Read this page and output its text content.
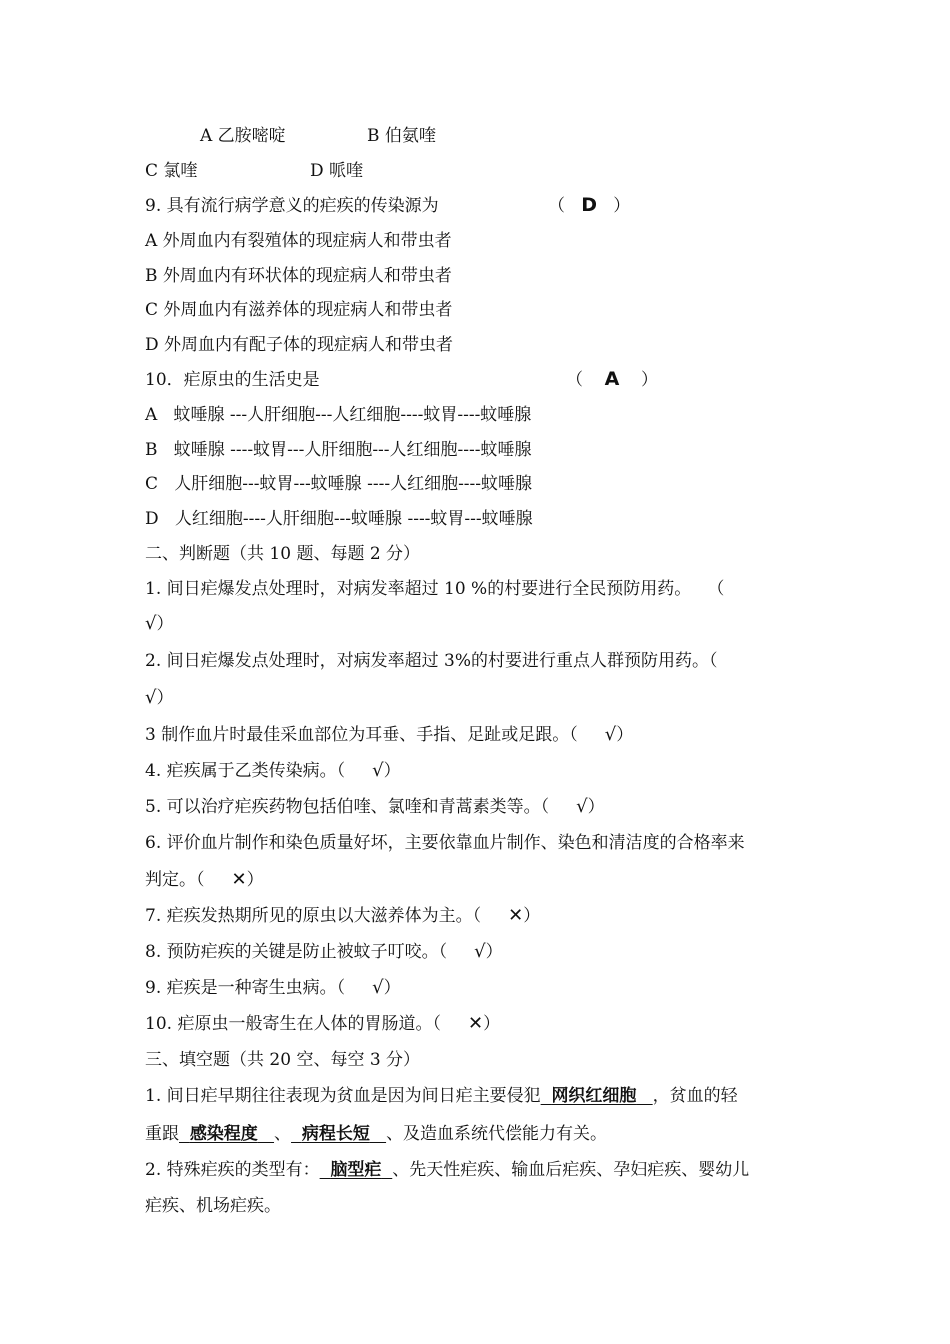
A 乙胺嘧啶	B 伯氨喹
C 氯喹	D 哌喹
9. 具有流行病学意义的疟疾的传染源为	（   D   ）
A 外周血内有裂殖体的现症病人和带虫者
B 外周血内有环状体的现症病人和带虫者
C 外周血内有滋养体的现症病人和带虫者
D 外周血内有配子体的现症病人和带虫者
10．疟原虫的生活史是	（    A    ）
A   蚊唾腺 ---人肝细胞---人红细胞----蚊胃----蚊唾腺
B   蚊唾腺 ----蚊胃---人肝细胞---人红细胞----蚊唾腺
C   人肝细胞---蚊胃---蚊唾腺 ----人红细胞----蚊唾腺
D   人红细胞----人肝细胞---蚊唾腺 ----蚊胃---蚊唾腺
二、判断题（共 10 题、每题 2 分）
1. 间日疟爆发点处理时，对病发率超过 10 %的村要进行全民预防用药。   （
√）
2. 间日疟爆发点处理时，对病发率超过 3%的村要进行重点人群预防用药。（
√）
3 制作血片时最佳采血部位为耳垂、手指、足趾或足跟。（     √）
4. 疟疾属于乙类传染病。（     √）
5. 可以治疗疟疾药物包括伯喹、氯喹和青蒿素类等。（     √）
6. 评价血片制作和染色质量好坏，主要依靠血片制作、染色和清洁度的合格率来
判定。（     ✕）
7. 疟疾发热期所见的原虫以大滋养体为主。（     ✕）
8. 预防疟疾的关键是防止被蚊子叮咬。（     √）
9. 疟疾是一种寄生虫病。（     √）
10. 疟原虫一般寄生在人体的胃肠道。（     ✕）
三、填空题（共 20 空、每空 3 分）
1. 间日疟早期往往表现为贫血是因为间日疟主要侵犯 网织红细胞 ，贫血的轻
重跟 感染程度 、 病程长短 、及造血系统代偿能力有关。
2. 特殊疟疾的类型有： 脑型疟 、先天性疟疾、输血后疟疾、孕妇疟疾、婴幼儿
疟疾、机场疟疾。
